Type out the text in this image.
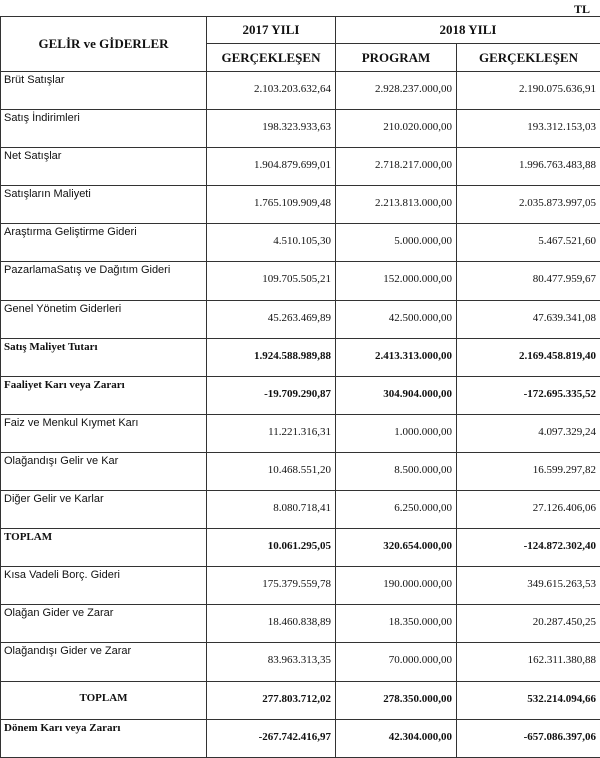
TL
GELİR ve GİDERLER	2017 YILI	2018 YILI	
	GERÇEKLEŞEN	PROGRAM	GERÇEKLEŞEN
Brüt Satışlar	2.103.203.632,64	2.928.237.000,00	2.190.075.636,91
Satış İndirimleri	198.323.933,63	210.020.000,00	193.312.153,03
Net Satışlar	1.904.879.699,01	2.718.217.000,00	1.996.763.483,88
Satışların Maliyeti	1.765.109.909,48	2.213.813.000,00	2.035.873.997,05
Araştırma Geliştirme Gideri	4.510.105,30	5.000.000,00	5.467.521,60
PazarlamaSatış ve Dağıtım Gideri	109.705.505,21	152.000.000,00	80.477.959,67
Genel Yönetim Giderleri	45.263.469,89	42.500.000,00	47.639.341,08
Satış Maliyet Tutarı	1.924.588.989,88	2.413.313.000,00	2.169.458.819,40
Faaliyet Karı veya Zararı	-19.709.290,87	304.904.000,00	-172.695.335,52
Faiz ve Menkul Kıymet Karı	11.221.316,31	1.000.000,00	4.097.329,24
Olağandışı Gelir ve Kar	10.468.551,20	8.500.000,00	16.599.297,82
Diğer Gelir ve Karlar	8.080.718,41	6.250.000,00	27.126.406,06
TOPLAM	10.061.295,05	320.654.000,00	-124.872.302,40
Kısa Vadeli Borç. Gideri	175.379.559,78	190.000.000,00	349.615.263,53
Olağan Gider ve Zarar	18.460.838,89	18.350.000,00	20.287.450,25
Olağandışı Gider ve Zarar	83.963.313,35	70.000.000,00	162.311.380,88
TOPLAM	277.803.712,02	278.350.000,00	532.214.094,66
Dönem Karı veya Zararı	-267.742.416,97	42.304.000,00	-657.086.397,06
